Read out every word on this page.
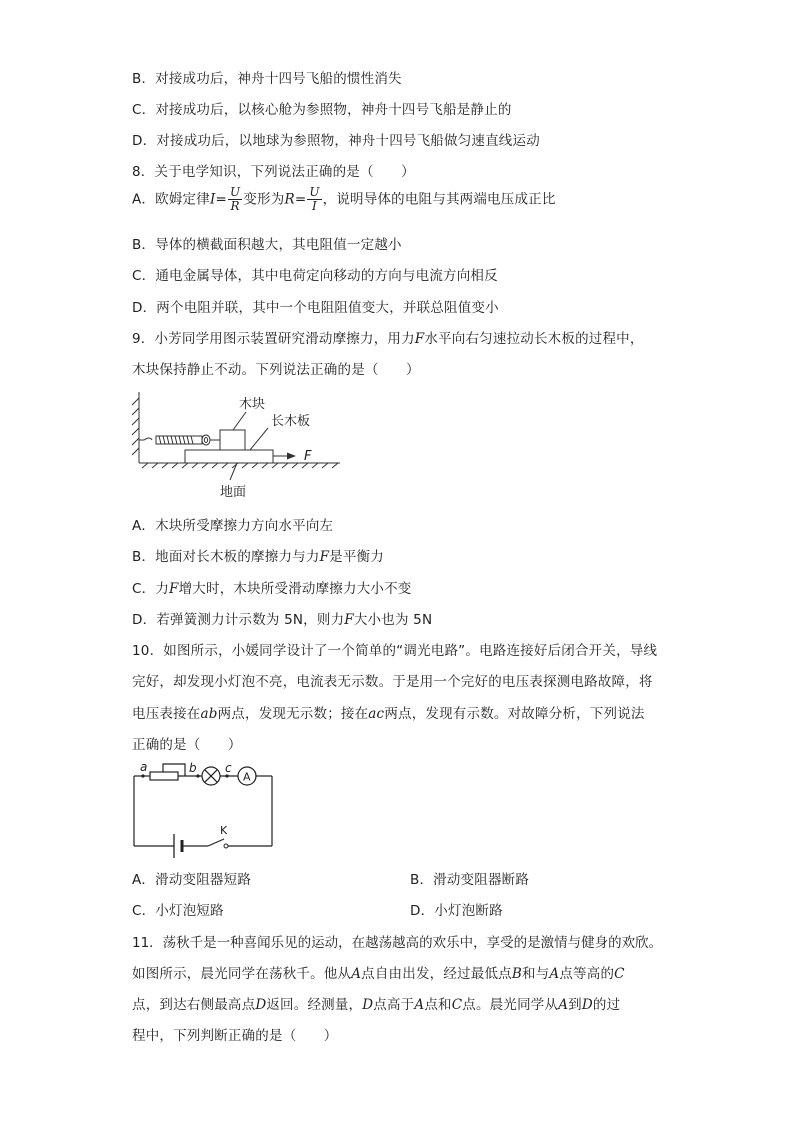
B．对接成功后，神舟十四号飞船的惯性消失
C．对接成功后，以核心舱为参照物，神舟十四号飞船是静止的
D．对接成功后，以地球为参照物，神舟十四号飞船做匀速直线运动
8．关于电学知识，下列说法正确的是（　　）
A．欧姆定律$I= \frac{U}{R}$ 变形为$R= \frac{U}{I}$ ，说明导体的电阻与其两端电压成正比
B．导体的横截面积越大，其电阻值一定越小
C．通电金属导体，其中电荷定向移动的方向与电流方向相反
D．两个电阻并联，其中一个电阻阻值变大，并联总阻值变小
9．小芳同学用图示装置研究滑动摩擦力，用力F水平向右匀速拉动长木板的过程中，
木块保持静止不动。下列说法正确的是（　　）
木块
长木板
F
地面
A．木块所受摩擦力方向水平向左
B．地面对长木板的摩擦力与力F是平衡力
C．力F增大时，木块所受滑动摩擦力大小不变
D．若弹簧测力计示数为 5N，则力F大小也为 5N
10．如图所示，小媛同学设计了一个简单的“调光电路”。电路连接好后闭合开关，导线
完好，却发现小灯泡不亮，电流表无示数。于是用一个完好的电压表探测电路故障，将
电压表接在ab两点，发现无示数；接在ac两点，发现有示数。对故障分析，下列说法
正确的是（　　）
a	b c
A
K
A．滑动变阻器短路	B．滑动变阻器断路
C．小灯泡短路	D．小灯泡断路
11．荡秋千是一种喜闻乐见的运动，在越荡越高的欢乐中，享受的是激情与健身的欢欣。
如图所示，晨光同学在荡秋千。他从A点自由出发，经过最低点B和与A点等高的C
点，到达右侧最高点D返回。经测量，D点高于A点和C点。晨光同学从A到D的过
程中，下列判断正确的是（　　）
